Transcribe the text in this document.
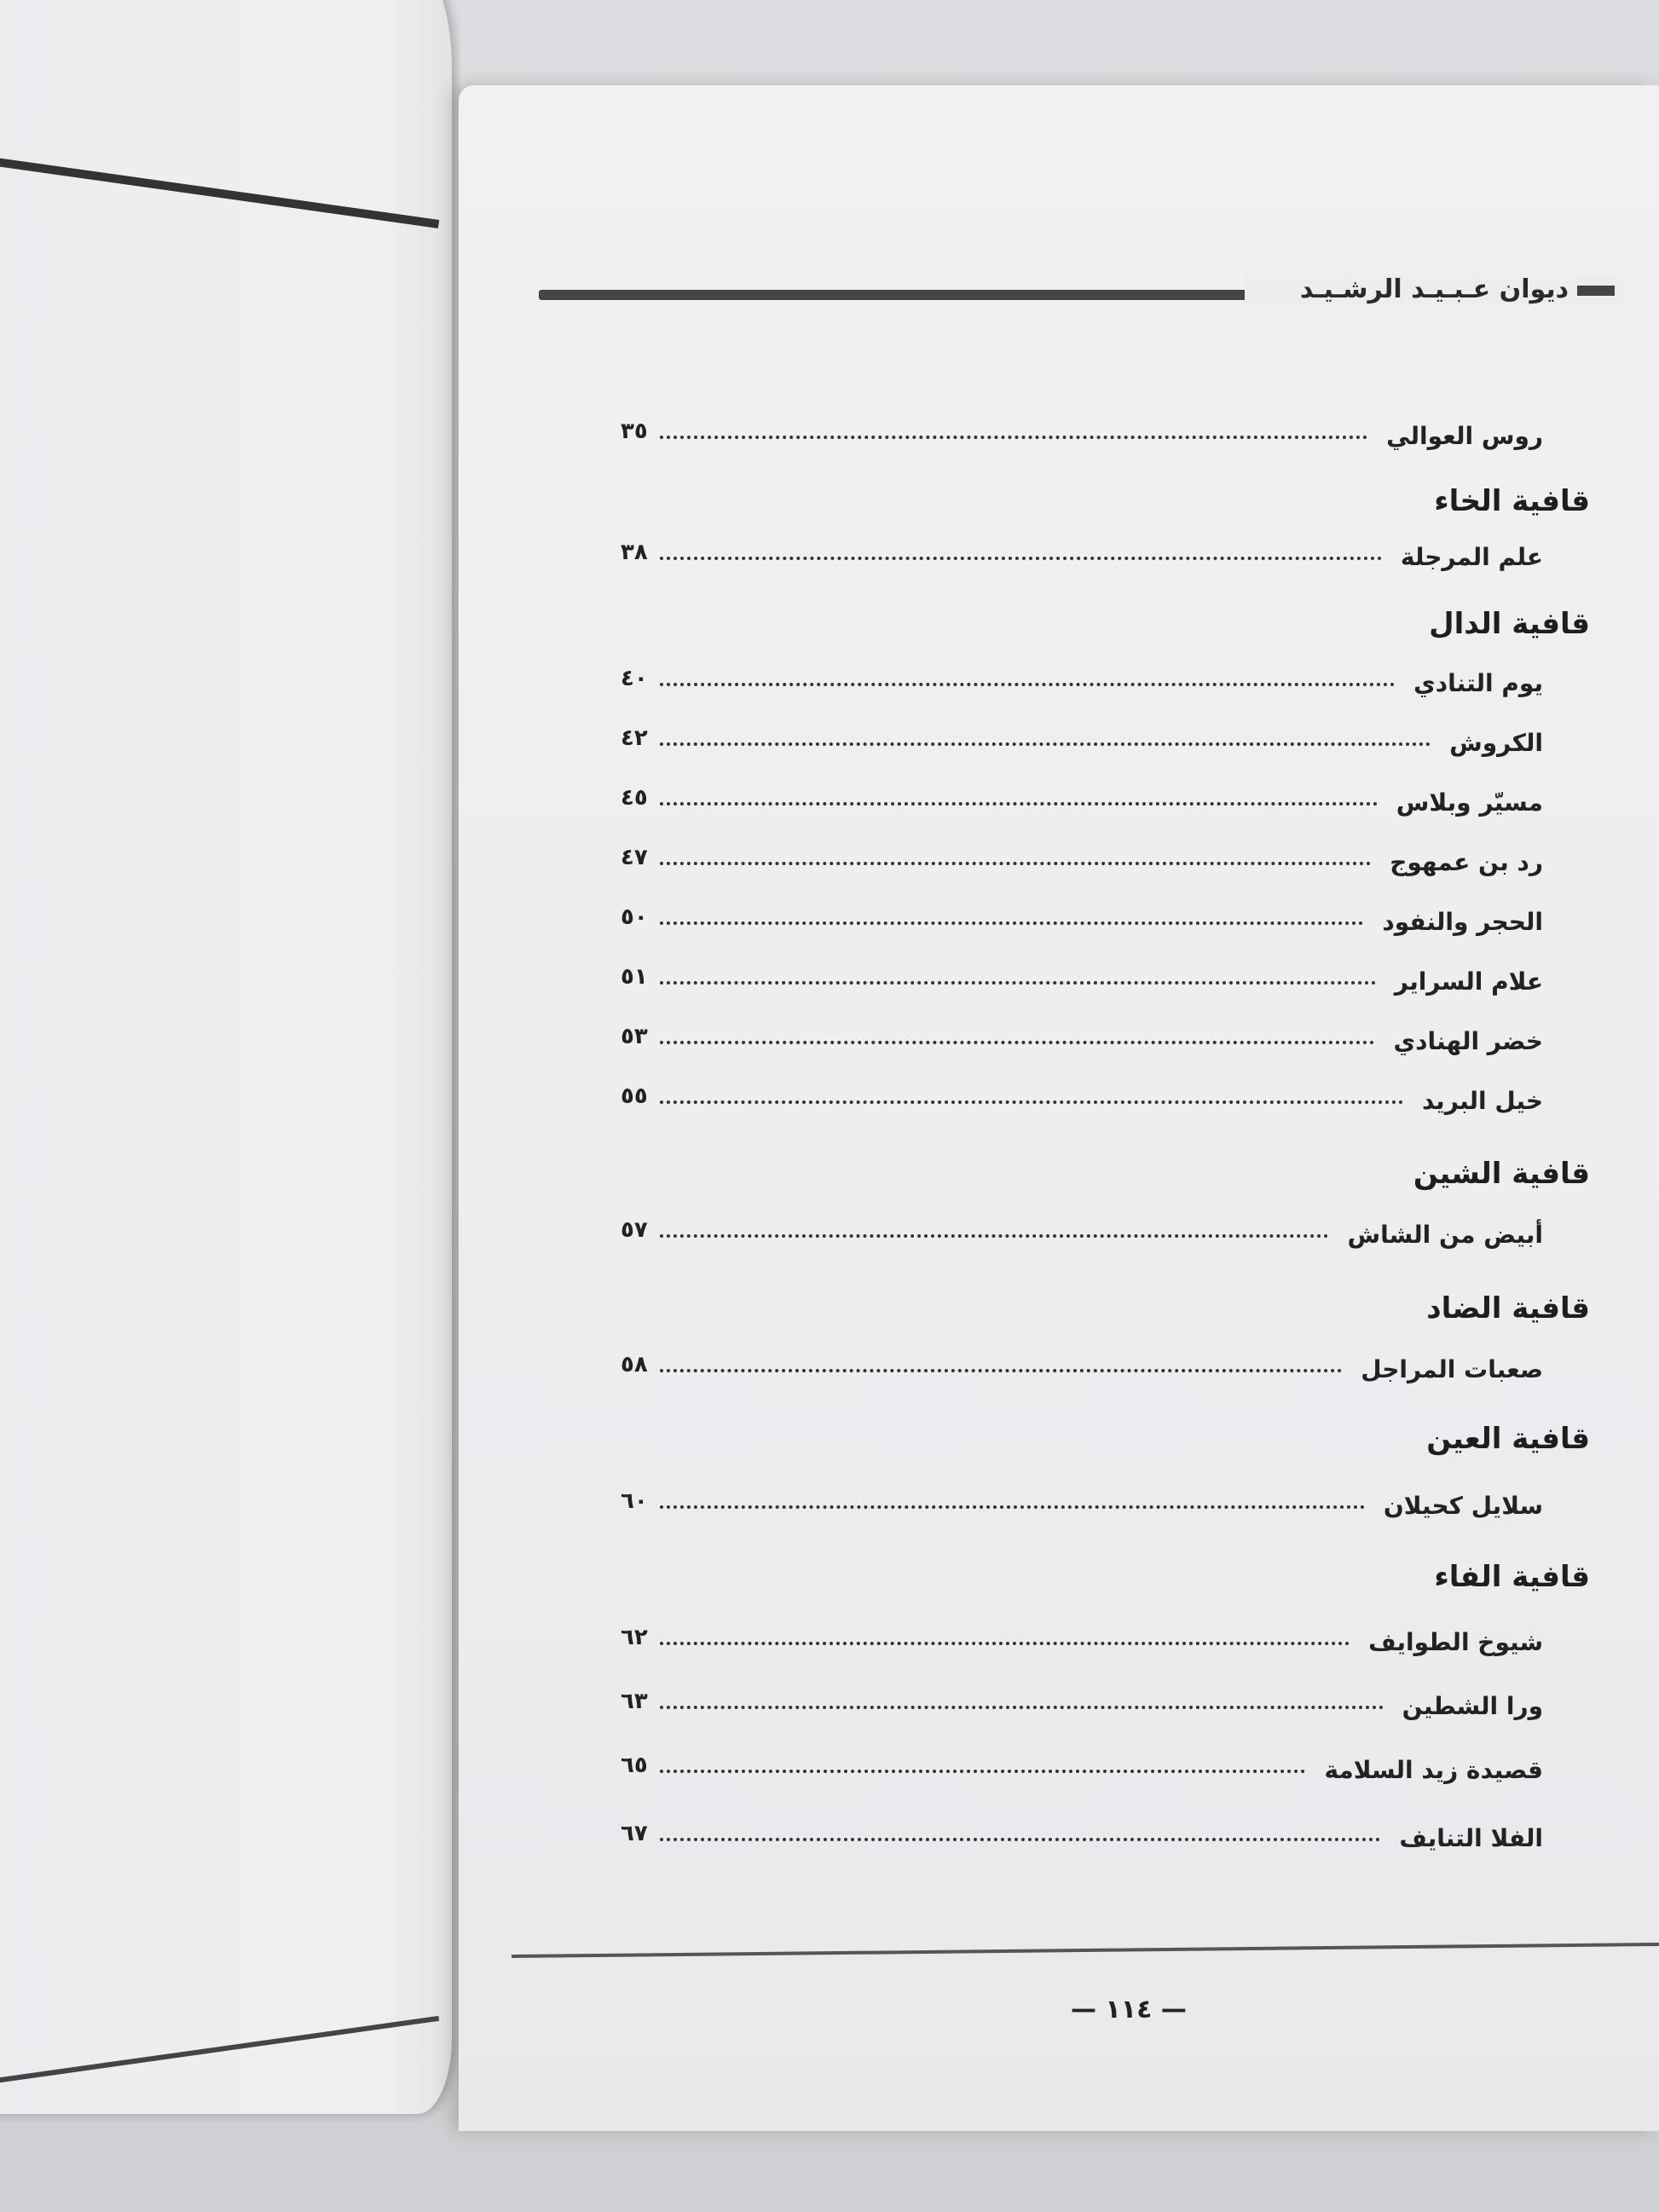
ديوان عـبـيـد الرشـيـد
روس العوالي
٣٥
قافية الخاء
علم المرجلة
٣٨
قافية الدال
يوم التنادي
٤٠
الكروش
٤٢
مسيّر وبلاس
٤٥
رد بن عمهوج
٤٧
الحجر والنفود
٥٠
علام السراير
٥١
خضر الهنادي
٥٣
خيل البريد
٥٥
قافية الشين
أبيض من الشاش
٥٧
قافية الضاد
صعبات المراجل
٥٨
قافية العين
سلايل كحيلان
٦٠
قافية الفاء
شيوخ الطوايف
٦٢
ورا الشطين
٦٣
قصيدة زيد السلامة
٦٥
الفلا التنايف
٦٧
— ١١٤ —
